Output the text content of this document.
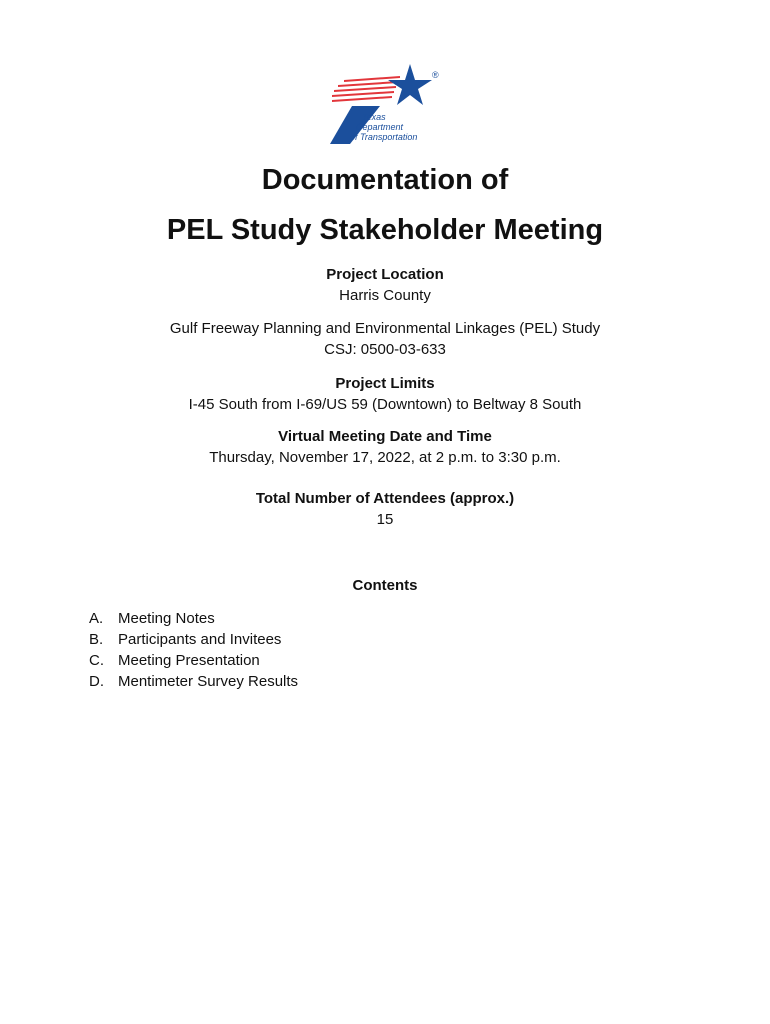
®
Texas
Department
of Transportation
Documentation of
PEL Study Stakeholder Meeting
Project Location
Harris County
Gulf Freeway Planning and Environmental Linkages (PEL) Study
CSJ: 0500-03-633
Project Limits
I-45 South from I-69/US 59 (Downtown) to Beltway 8 South
Virtual Meeting Date and Time
Thursday, November 17, 2022, at 2 p.m. to 3:30 p.m.
Total Number of Attendees (approx.)
15
Contents
A. Meeting Notes
B. Participants and Invitees
C. Meeting Presentation
D. Mentimeter Survey Results
